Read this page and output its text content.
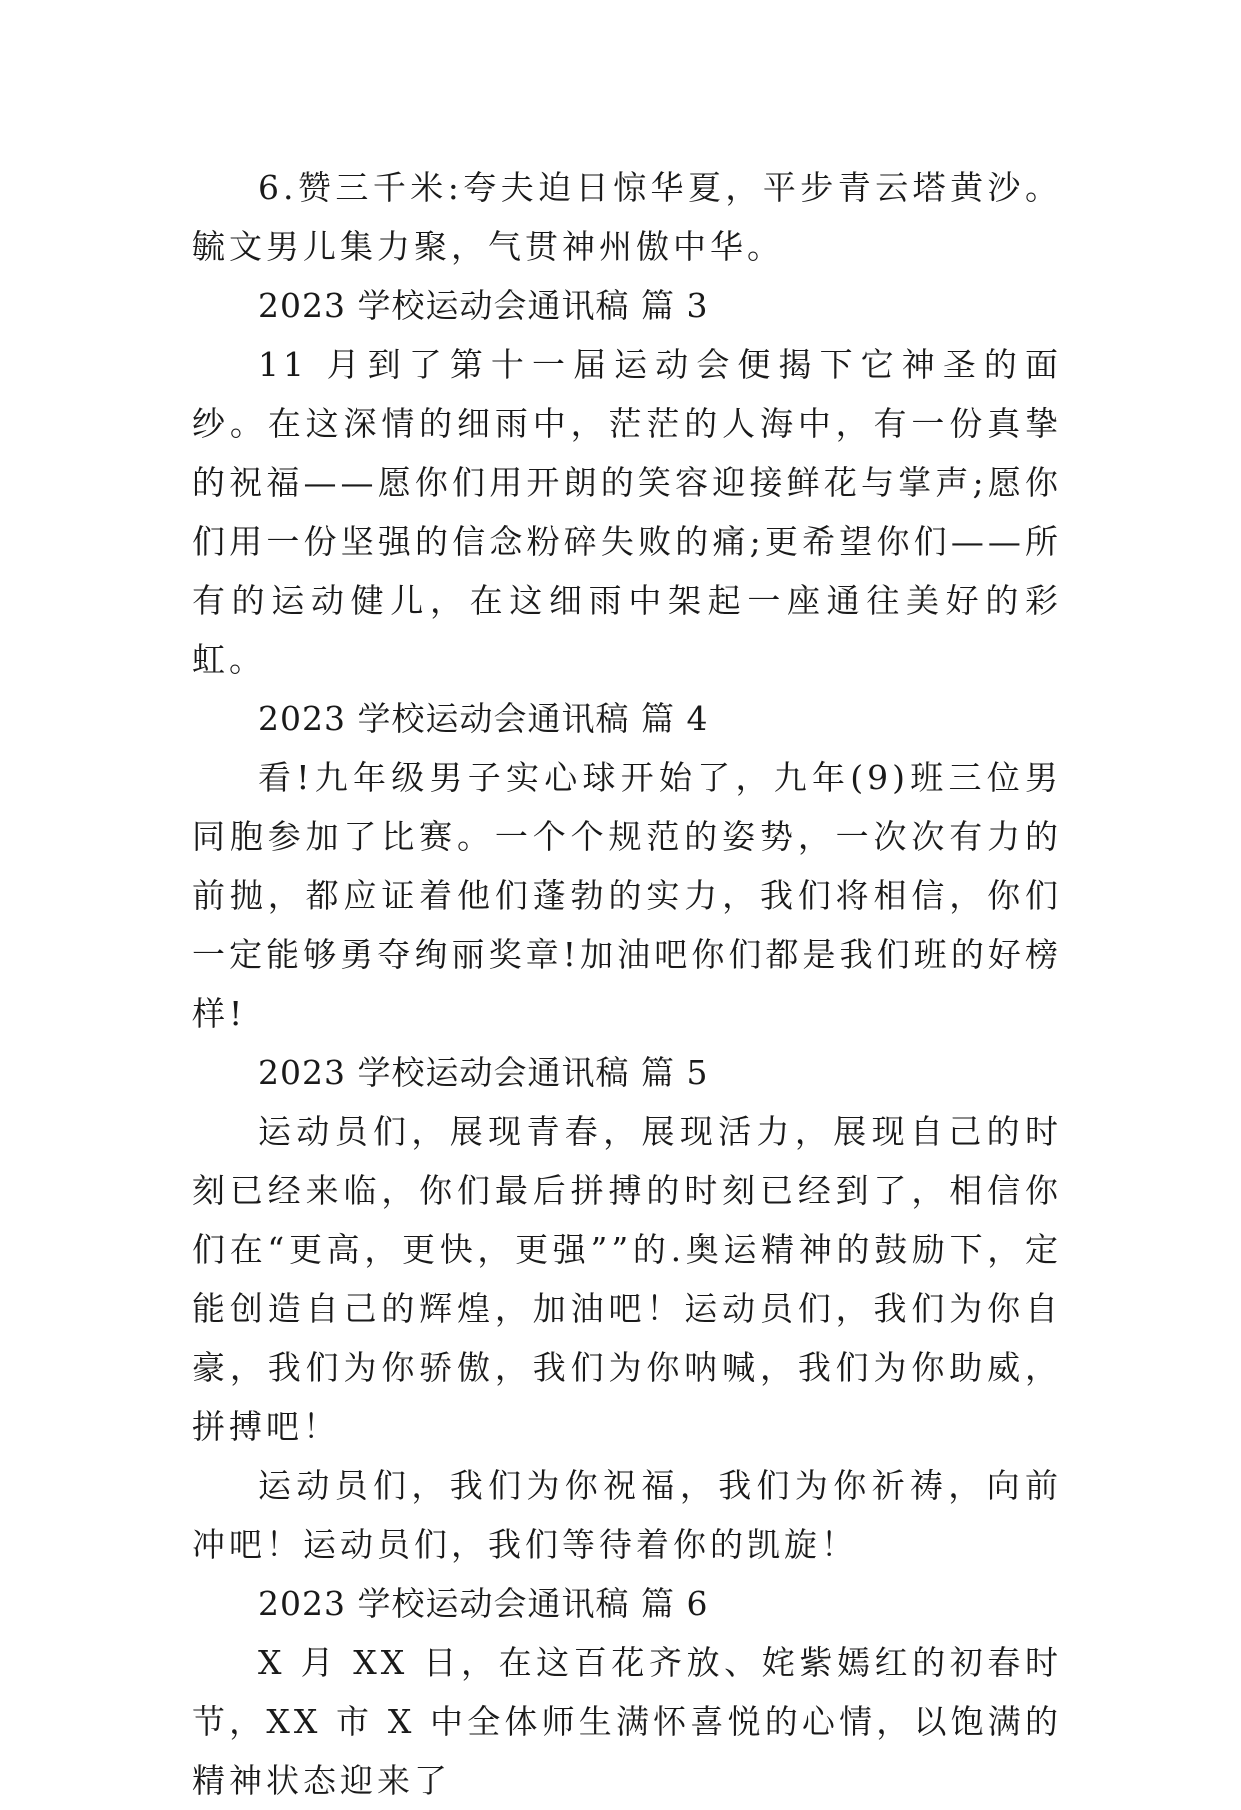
6.赞三千米:夸夫迫日惊华夏，平步青云塔黄沙。毓文男儿集力聚，气贯神州傲中华。

2023 学校运动会通讯稿 篇 3

11 月到了第十一届运动会便揭下它神圣的面纱。在这深情的细雨中，茫茫的人海中，有一份真挚的祝福——愿你们用开朗的笑容迎接鲜花与掌声;愿你们用一份坚强的信念粉碎失败的痛;更希望你们——所有的运动健儿，在这细雨中架起一座通往美好的彩虹。

2023 学校运动会通讯稿 篇 4

看!九年级男子实心球开始了，九年(9)班三位男同胞参加了比赛。一个个规范的姿势，一次次有力的前抛，都应证着他们蓬勃的实力，我们将相信，你们一定能够勇夺绚丽奖章!加油吧你们都是我们班的好榜样!

2023 学校运动会通讯稿 篇 5

运动员们，展现青春，展现活力，展现自己的时刻已经来临，你们最后拼搏的时刻已经到了，相信你们在“更高，更快，更强””的.奥运精神的鼓励下，定能创造自己的辉煌，加油吧！运动员们，我们为你自豪，我们为你骄傲，我们为你呐喊，我们为你助威，拼搏吧！

运动员们，我们为你祝福，我们为你祈祷，向前冲吧！运动员们，我们等待着你的凯旋！

2023 学校运动会通讯稿 篇 6

X 月 XX 日，在这百花齐放、姹紫嫣红的初春时节，XX 市 X 中全体师生满怀喜悦的心情，以饱满的精神状态迎来了
